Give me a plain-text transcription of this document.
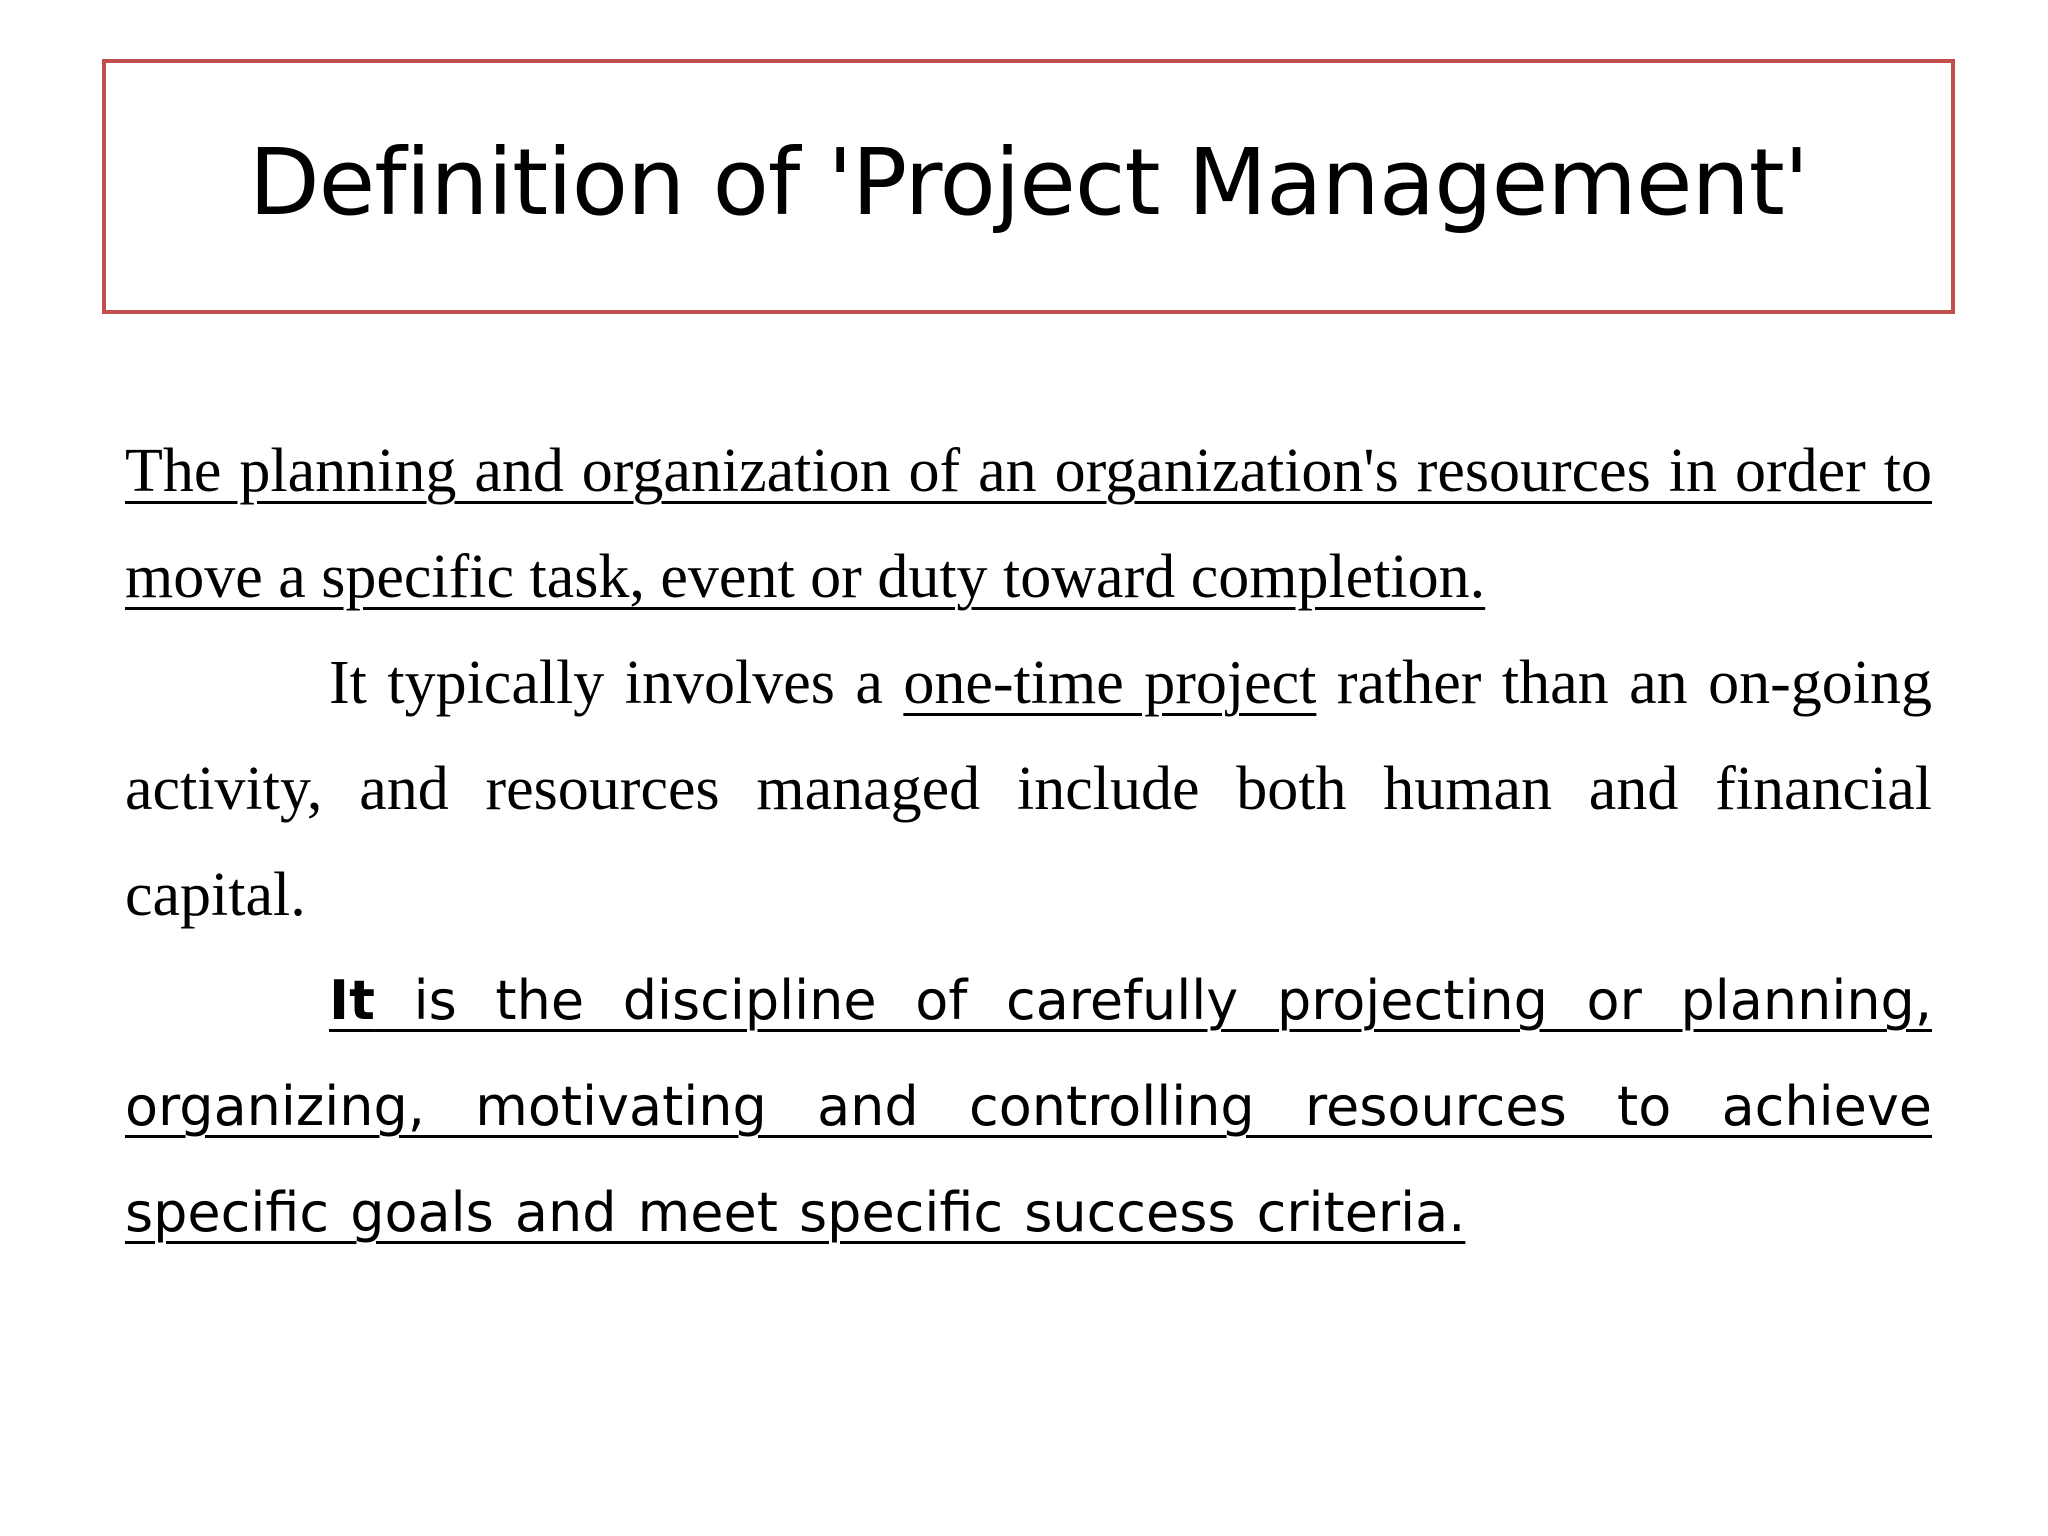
Definition of 'Project Management'

The planning and organization of an organization's resources in order to move a specific task, event or duty toward completion.

It typically involves a one-time project rather than an on-going activity, and resources managed include both human and financial capital.

It is the discipline of carefully projecting or planning, organizing, motivating and controlling resources to achieve specific goals and meet specific success criteria.
